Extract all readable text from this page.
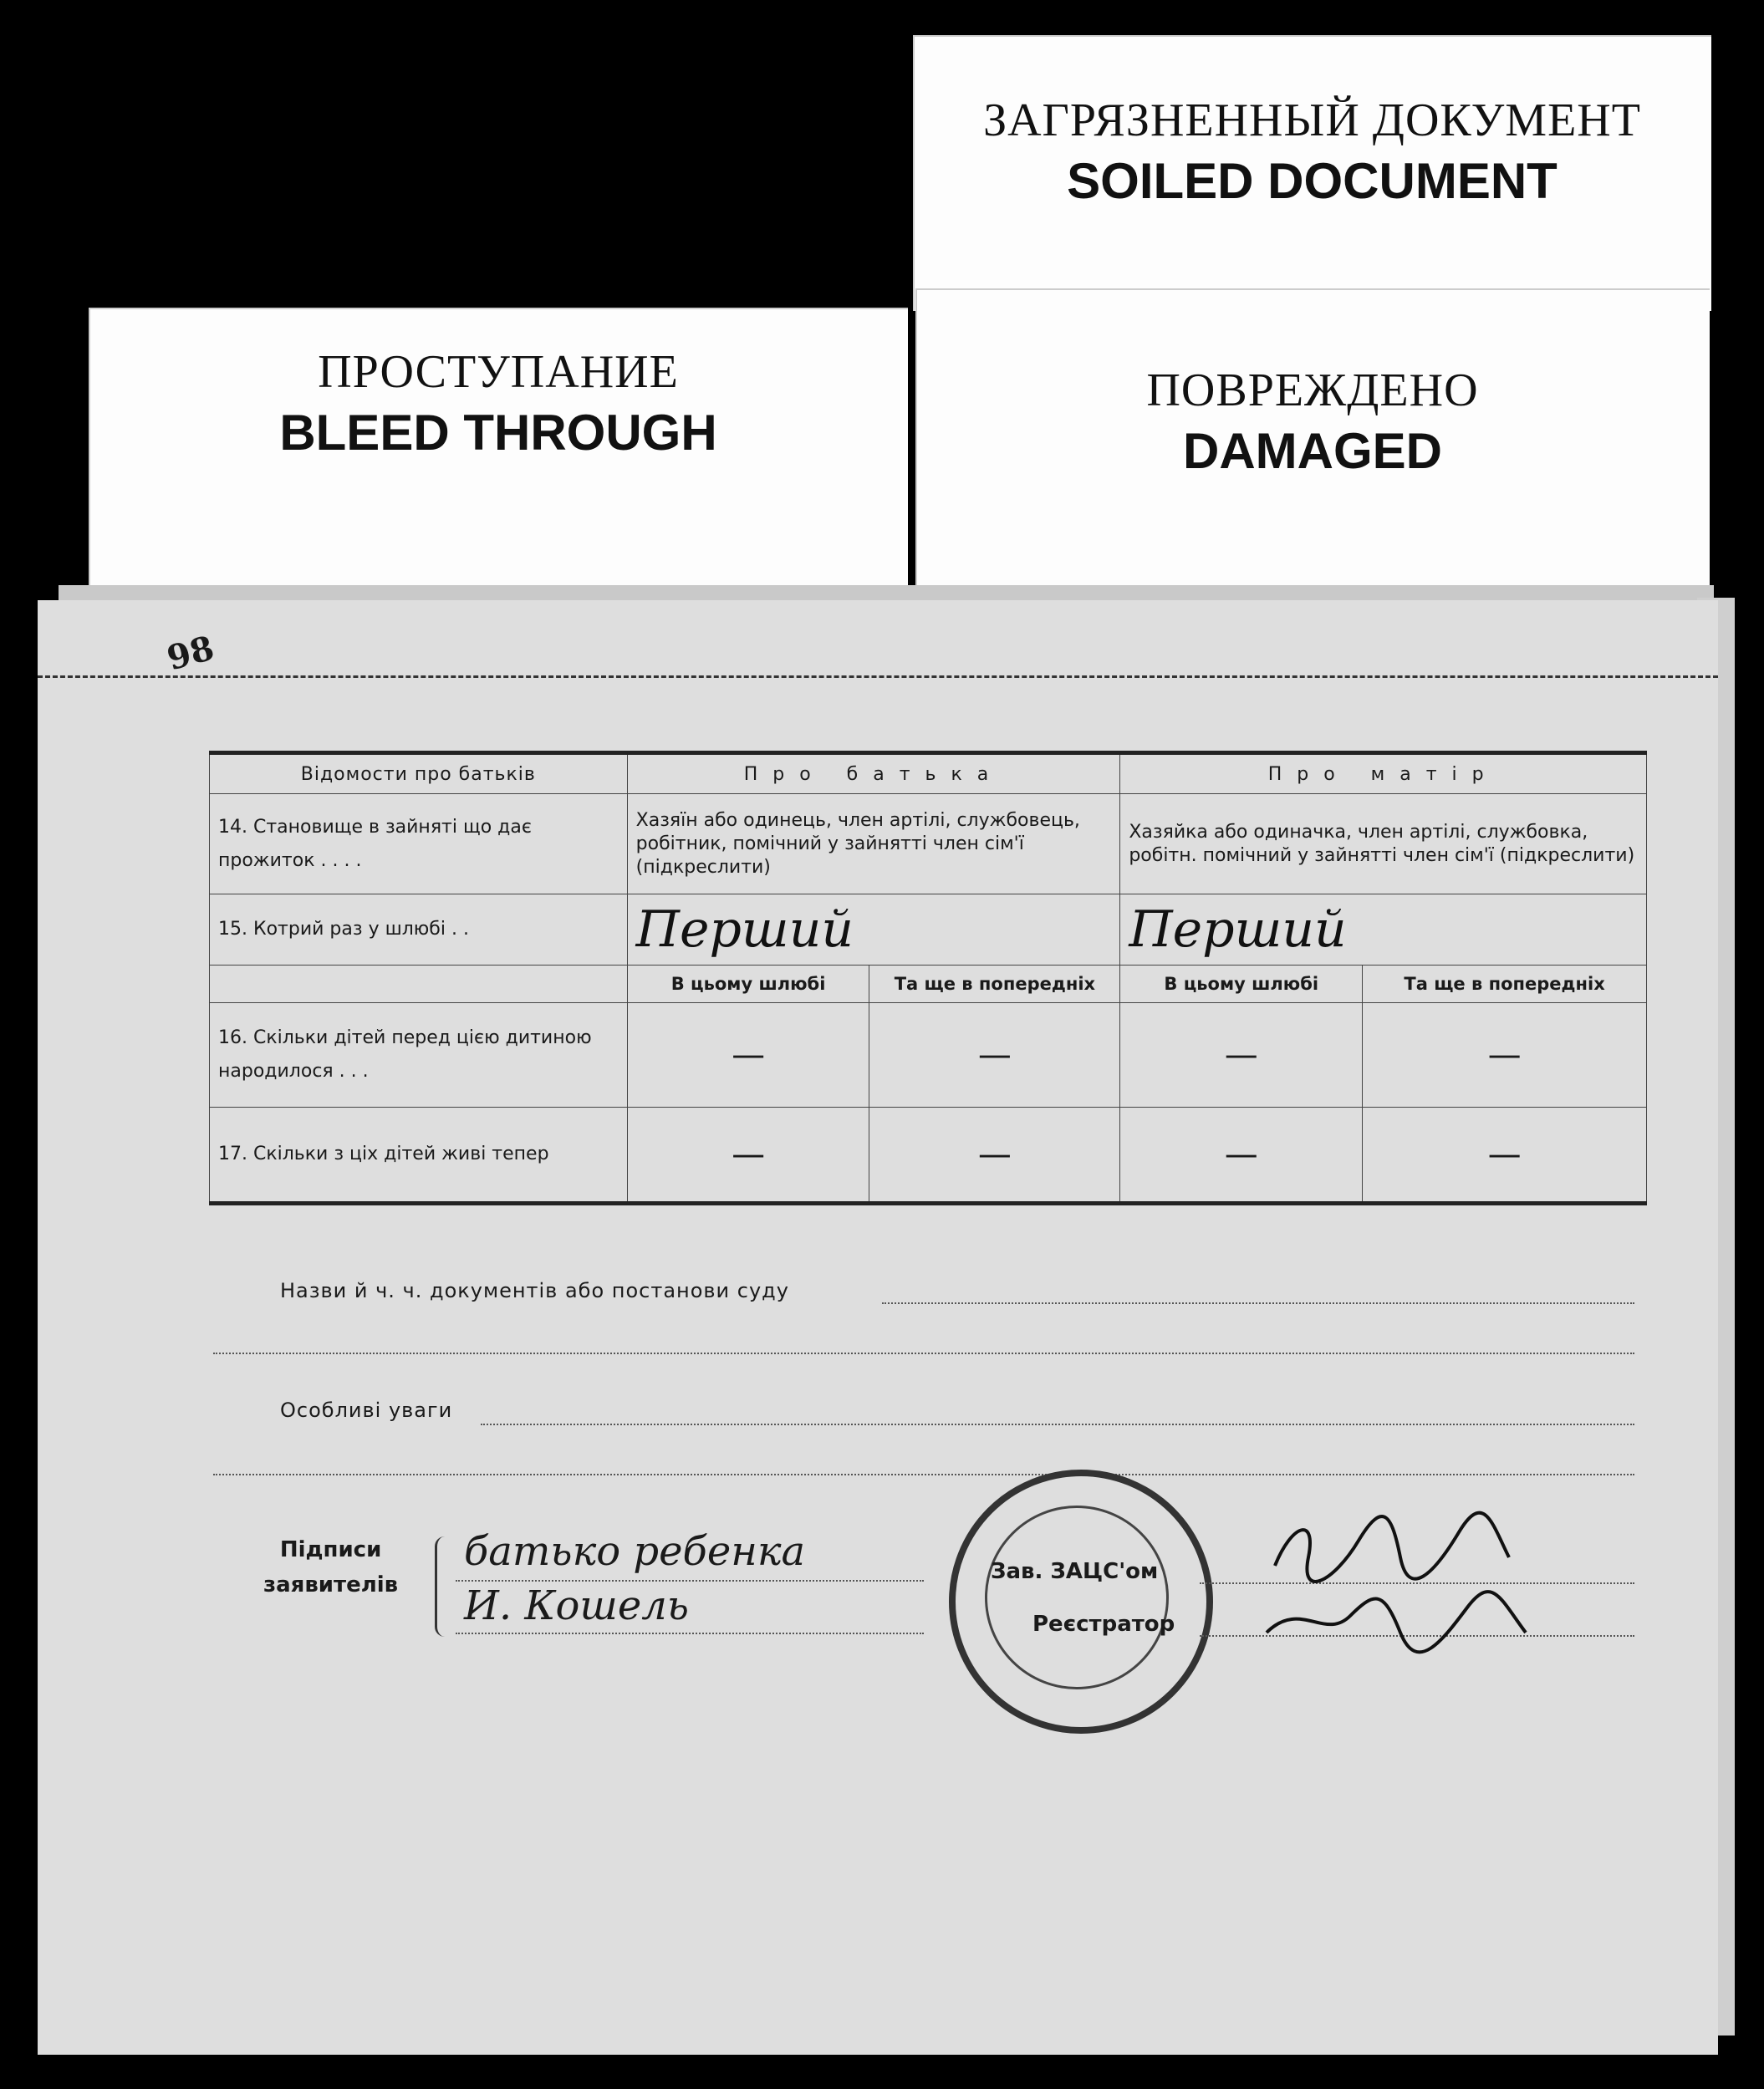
ЗАГРЯЗНЕННЫЙ ДОКУМЕНТ
SOILED DOCUMENT
ПОВРЕЖДЕНО
DAMAGED
ПРОСТУПАНИЕ
BLEED THROUGH
98
Відомости про батьків	Про батька		Про матір	
14. Становище в зайняті що дає прожиток . . . .	Хазяїн або одинець, член артілі, службовець, робітник, помічний у зайнятті член сім'ї (підкреслити)		Хазяйка або одиначка, член артілі, службовка, робітн. помічний у зайнятті член сім'ї (підкреслити)	
15. Котрий раз у шлюбі . .	Перший		Перший	
	В цьому шлюбі	Та ще в попередніх	В цьому шлюбі	Та ще в попередніх
16. Скільки дітей перед цією дитиною народилося . . .	—	—	—	—
17. Скільки з ціх дітей живі тепер	—	—	—	—
Назви й ч. ч. документів або постанови суду
Особливі уваги
Підписи
заявителів
батько ребенка
И. Кошель
Зав. ЗАЦС'ом
Реєстратор
